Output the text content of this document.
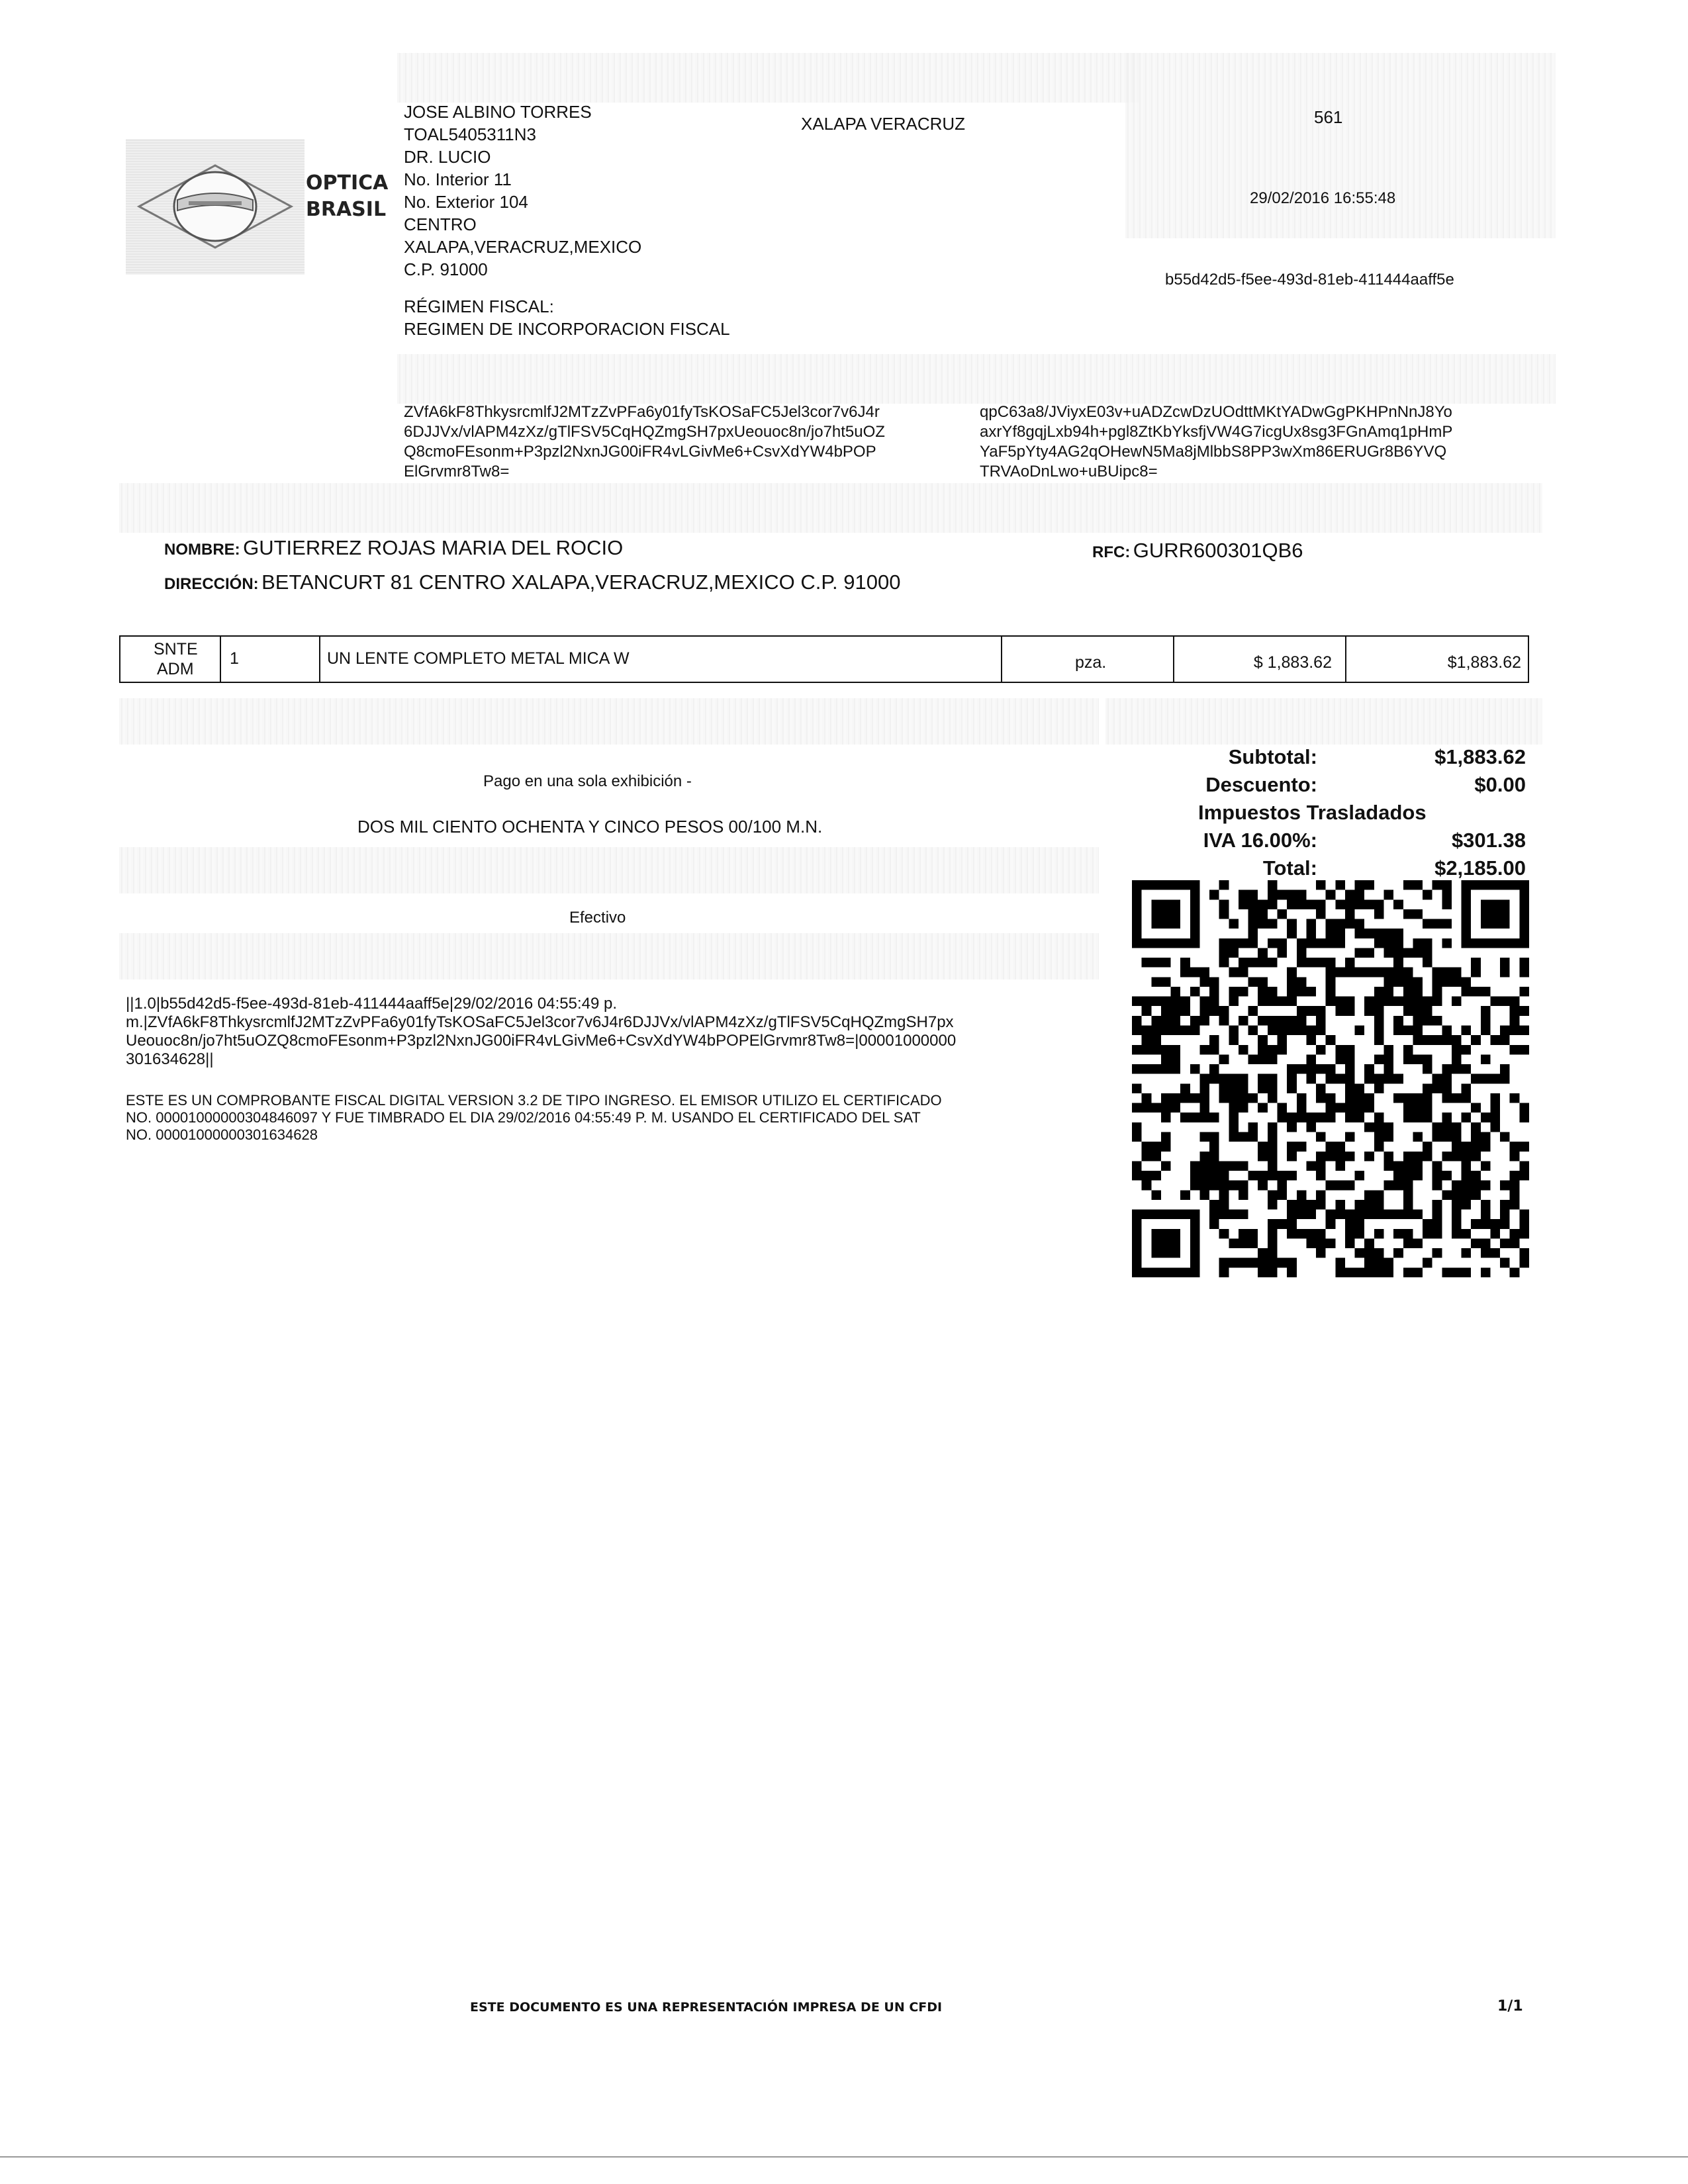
OPTICA
BRASIL
JOSE ALBINO TORRES
TOAL5405311N3
DR. LUCIO
No. Interior 11
No. Exterior 104
CENTRO
XALAPA,VERACRUZ,MEXICO
C.P. 91000
RÉGIMEN FISCAL:
REGIMEN DE INCORPORACION FISCAL
XALAPA VERACRUZ	561
29/02/2016 16:55:48
b55d42d5-f5ee-493d-81eb-411444aaff5e
ZVfA6kF8ThkysrcmlfJ2MTzZvPFa6y01fyTsKOSaFC5Jel3cor7v6J4r
6DJJVx/vlAPM4zXz/gTlFSV5CqHQZmgSH7pxUeouoc8n/jo7ht5uOZ
Q8cmoFEsonm+P3pzl2NxnJG00iFR4vLGivMe6+CsvXdYW4bPOP
ElGrvmr8Tw8=
qpC63a8/JViyxE03v+uADZcwDzUOdttMKtYADwGgPKHPnNnJ8Yo
axrYf8gqjLxb94h+pgl8ZtKbYksfjVW4G7icgUx8sg3FGnAmq1pHmP
YaF5pYty4AG2qOHewN5Ma8jMlbbS8PP3wXm86ERUGr8B6YVQ
TRVAoDnLwo+uBUipc8=
NOMBRE: GUTIERREZ ROJAS MARIA DEL ROCIO
DIRECCIÓN: BETANCURT 81 CENTRO XALAPA,VERACRUZ,MEXICO C.P. 91000
RFC: GURR600301QB6
SNTE
ADM
1	UN LENTE COMPLETO METAL MICA W	pza.	$ 1,883.62	$1,883.62
Pago en una sola exhibición -
DOS MIL CIENTO OCHENTA Y CINCO PESOS 00/100 M.N.
Efectivo
Subtotal:	$1,883.62
Descuento:	$0.00
Impuestos Trasladados
IVA 16.00%:	$301.38
Total:	$2,185.00
||1.0|b55d42d5-f5ee-493d-81eb-411444aaff5e|29/02/2016 04:55:49 p.
m.|ZVfA6kF8ThkysrcmlfJ2MTzZvPFa6y01fyTsKOSaFC5Jel3cor7v6J4r6DJJVx/vlAPM4zXz/gTlFSV5CqHQZmgSH7px
Ueouoc8n/jo7ht5uOZQ8cmoFEsonm+P3pzl2NxnJG00iFR4vLGivMe6+CsvXdYW4bPOPElGrvmr8Tw8=|00001000000
301634628||
ESTE ES UN COMPROBANTE FISCAL DIGITAL VERSION 3.2 DE TIPO INGRESO. EL EMISOR UTILIZO EL CERTIFICADO
NO. 00001000000304846097 Y FUE TIMBRADO EL DIA 29/02/2016 04:55:49 P. M. USANDO EL CERTIFICADO DEL SAT
NO. 00001000000301634628
ESTE DOCUMENTO ES UNA REPRESENTACIÓN IMPRESA DE UN CFDI	1/1
